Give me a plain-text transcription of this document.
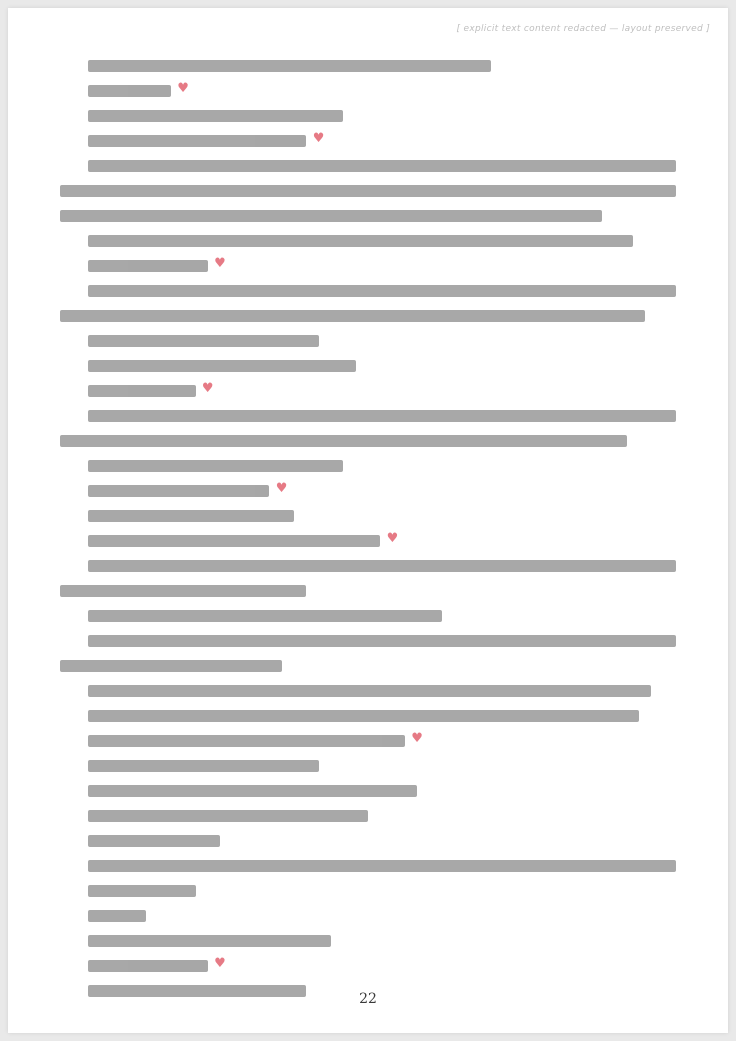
[ explicit text content redacted — layout preserved ]
♥
♥
♥
♥
♥
♥
♥
♥
22
